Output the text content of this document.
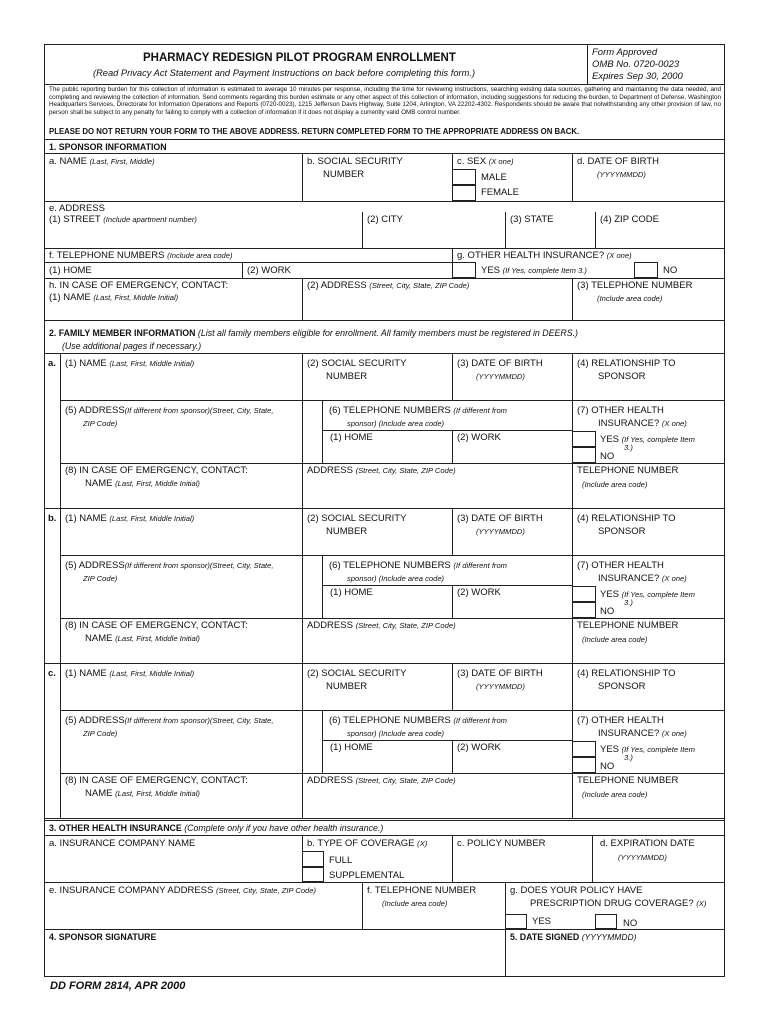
PHARMACY REDESIGN PILOT PROGRAM ENROLLMENT
(Read Privacy Act Statement and Payment Instructions on back before completing this form.)
Form Approved
OMB No. 0720-0023
Expires Sep 30, 2000
The public reporting burden for this collection of information is estimated to average 10 minutes per response, including the time for reviewing instructions, searching existing data sources, gathering and maintaining the data needed, and completing and reviewing the collection of information. Send comments regarding this burden estimate or any other aspect of this collection of information, including suggestions for reducing the burden, to Department of Defense, Washington Headquarters Services, Directorate for Information Operations and Reports (0720-0023), 1215 Jefferson Davis Highway, Suite 1204, Arlington, VA 22202-4302. Respondents should be aware that notwithstanding any other provision of law, no person shall be subject to any penalty for failing to comply with a collection of information if it does not display a currently valid OMB control number.
PLEASE DO NOT RETURN YOUR FORM TO THE ABOVE ADDRESS. RETURN COMPLETED FORM TO THE APPROPRIATE ADDRESS ON BACK.
1. SPONSOR INFORMATION
a. NAME (Last, First, Middle)	b. SOCIAL SECURITY
NUMBER
c. SEX (X one)
MALE
FEMALE
d. DATE OF BIRTH
(YYYYMMDD)
e. ADDRESS
(1) STREET (Include apartment number)	(2) CITY	(3) STATE	(4) ZIP CODE
f. TELEPHONE NUMBERS (Include area code)
(1) HOME	(2) WORK
g. OTHER HEALTH INSURANCE? (X one)
YES (If Yes, complete Item 3.)	NO
h. IN CASE OF EMERGENCY, CONTACT:
(1) NAME (Last, First, Middle Initial)
(2) ADDRESS (Street, City, State, ZIP Code)	(3) TELEPHONE NUMBER
(Include area code)
2. FAMILY MEMBER INFORMATION (List all family members eligible for enrollment. All family members must be registered in DEERS.)
(Use additional pages if necessary.)
a. (1) NAME (Last, First, Middle Initial)	(2) SOCIAL SECURITY
NUMBER
(3) DATE OF BIRTH
(YYYYMMDD)
(4) RELATIONSHIP TO
SPONSOR
(5) ADDRESS(If different from sponsor)(Street, City, State,
ZIP Code)
(6) TELEPHONE NUMBERS (If different from
sponsor) (Include area code)
(1) HOME	(2) WORK
(7) OTHER HEALTH
INSURANCE? (X one)
YES (If Yes, complete Item
3.)
NO
(8) IN CASE OF EMERGENCY, CONTACT:
NAME (Last, First, Middle Initial)
ADDRESS (Street, City, State, ZIP Code)	TELEPHONE NUMBER
(Include area code)
b. (1) NAME (Last, First, Middle Initial)	(2) SOCIAL SECURITY
NUMBER
(3) DATE OF BIRTH
(YYYYMMDD)
(4) RELATIONSHIP TO
SPONSOR
(5) ADDRESS(If different from sponsor)(Street, City, State,
ZIP Code)
(6) TELEPHONE NUMBERS (If different from
sponsor) (Include area code)
(1) HOME	(2) WORK
(7) OTHER HEALTH
INSURANCE? (X one)
YES (If Yes, complete Item
3.)
NO
(8) IN CASE OF EMERGENCY, CONTACT:
NAME (Last, First, Middle Initial)
ADDRESS (Street, City, State, ZIP Code)	TELEPHONE NUMBER
(Include area code)
c. (1) NAME (Last, First, Middle Initial)	(2) SOCIAL SECURITY
NUMBER
(3) DATE OF BIRTH
(YYYYMMDD)
(4) RELATIONSHIP TO
SPONSOR
(5) ADDRESS(If different from sponsor)(Street, City, State,
ZIP Code)
(6) TELEPHONE NUMBERS (If different from
sponsor) (Include area code)
(1) HOME	(2) WORK
(7) OTHER HEALTH
INSURANCE? (X one)
YES (If Yes, complete Item
3.)
NO
(8) IN CASE OF EMERGENCY, CONTACT:
NAME (Last, First, Middle Initial)
ADDRESS (Street, City, State, ZIP Code)	TELEPHONE NUMBER
(Include area code)
3. OTHER HEALTH INSURANCE (Complete only if you have other health insurance.)
a. INSURANCE COMPANY NAME	b. TYPE OF COVERAGE (X)
FULL
SUPPLEMENTAL
c. POLICY NUMBER	d. EXPIRATION DATE
(YYYYMMDD)
e. INSURANCE COMPANY ADDRESS (Street, City, State, ZIP Code)	f. TELEPHONE NUMBER
(Include area code)
g. DOES YOUR POLICY HAVE
PRESCRIPTION DRUG COVERAGE? (X)
YES	NO
4. SPONSOR SIGNATURE	5. DATE SIGNED (YYYYMMDD)
DD FORM 2814, APR 2000
